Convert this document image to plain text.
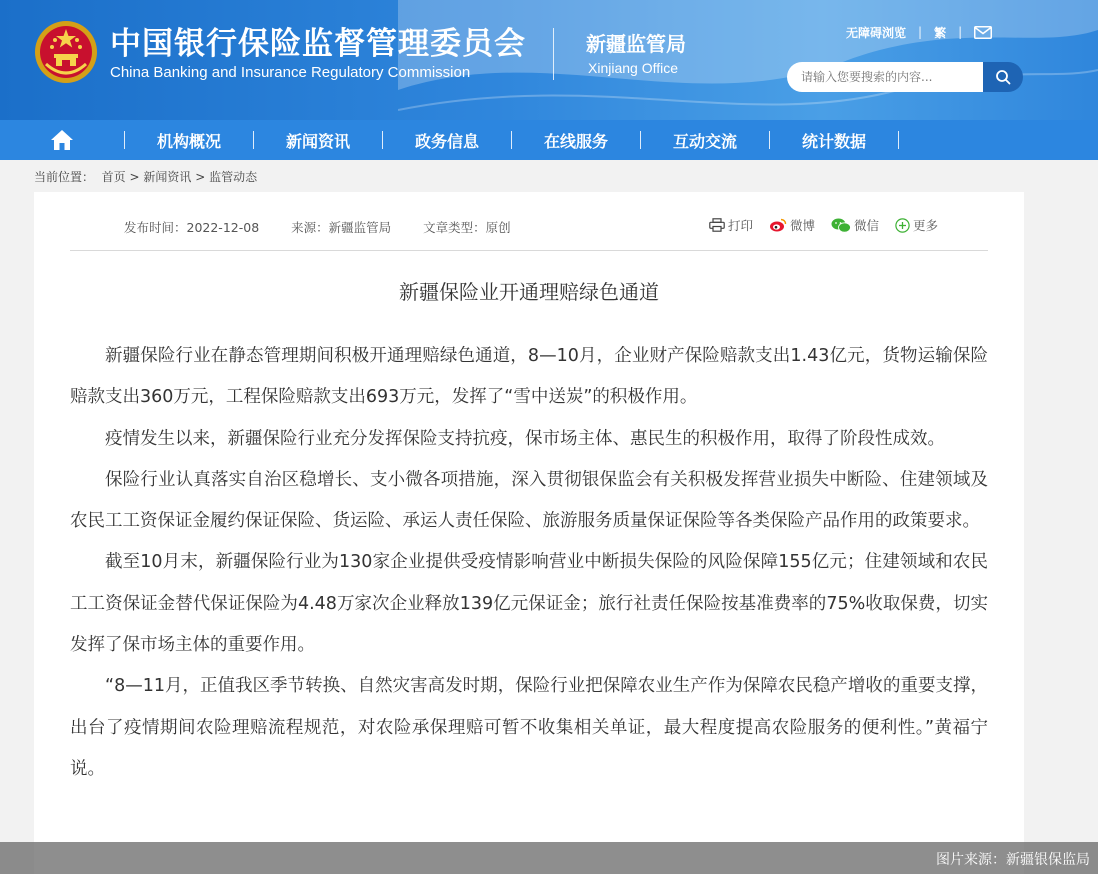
中国银行保险监督管理委员会
China Banking and Insurance Regulatory Commission
新疆监管局
Xinjiang Office
无障碍浏览 | 繁 |
请输入您要搜索的内容...
机构概况	新闻资讯	政务信息	在线服务	互动交流	统计数据
当前位置： 首页 > 新闻资讯 > 监管动态
发布时间：2022-12-08	来源：新疆监管局	文章类型：原创	打印	微博	微信	更多
新疆保险业开通理赔绿色通道

新疆保险行业在静态管理期间积极开通理赔绿色通道，8—10月，企业财产保险赔款支出1.43亿元，货物运输保险赔款支出360万元，工程保险赔款支出693万元，发挥了“雪中送炭”的积极作用。

疫情发生以来，新疆保险行业充分发挥保险支持抗疫，保市场主体、惠民生的积极作用，取得了阶段性成效。

保险行业认真落实自治区稳增长、支小微各项措施，深入贯彻银保监会有关积极发挥营业损失中断险、住建领域及农民工工资保证金履约保证保险、货运险、承运人责任保险、旅游服务质量保证保险等各类保险产品作用的政策要求。

截至10月末，新疆保险行业为130家企业提供受疫情影响营业中断损失保险的风险保障155亿元；住建领域和农民工工资保证金替代保证保险为4.48万家次企业释放139亿元保证金；旅行社责任保险按基准费率的75%收取保费，切实发挥了保市场主体的重要作用。

“8—11月，正值我区季节转换、自然灾害高发时期，保险行业把保障农业生产作为保障农民稳产增收的重要支撑，出台了疫情期间农险理赔流程规范，对农险承保理赔可暂不收集相关单证，最大程度提高农险服务的便利性。”黄福宁说。

图片来源：新疆银保监局
